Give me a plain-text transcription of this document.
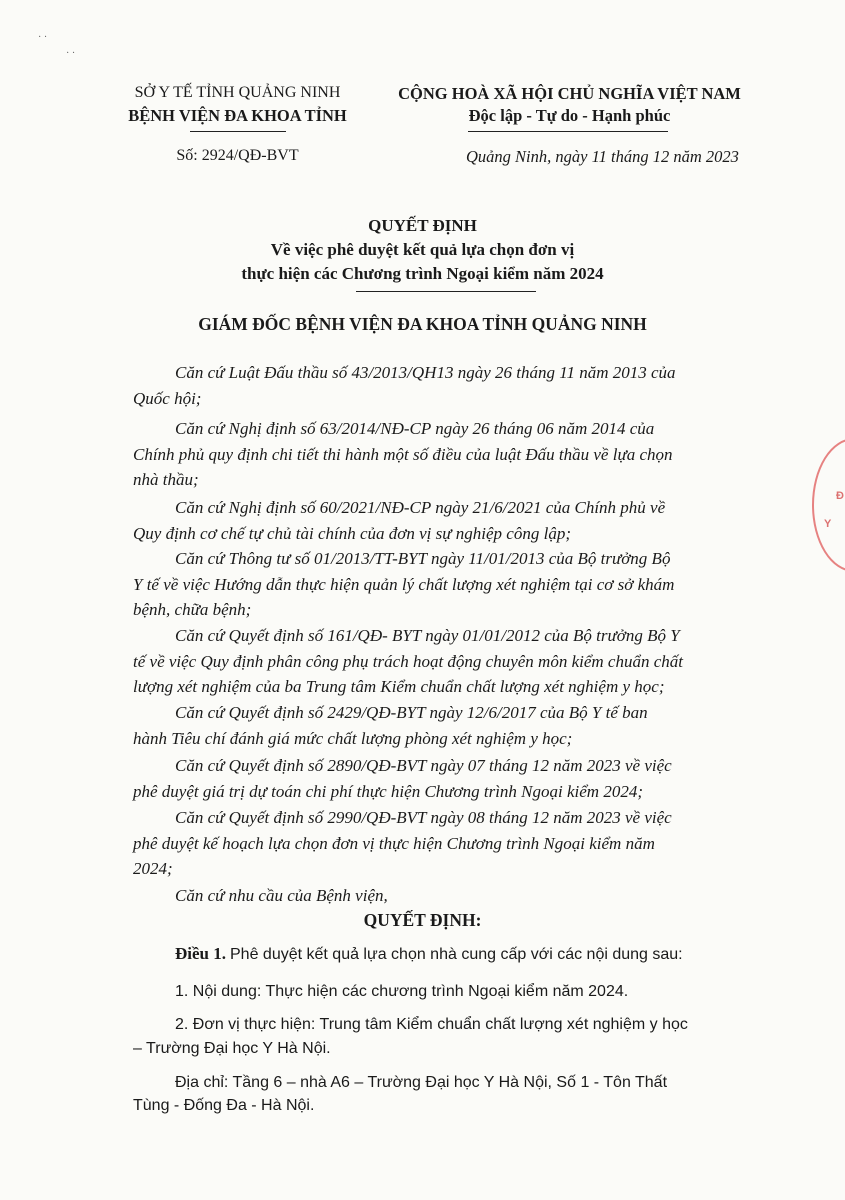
· ·
· ·
SỞ Y TẾ TỈNH QUẢNG NINH
BỆNH VIỆN ĐA KHOA TỈNH
CỘNG HOÀ XÃ HỘI CHỦ NGHĨA VIỆT NAM
Độc lập - Tự do - Hạnh phúc
Số: 2924/QĐ-BVT	Quảng Ninh, ngày 11 tháng 12 năm 2023
QUYẾT ĐỊNH
Về việc phê duyệt kết quả lựa chọn đơn vị
thực hiện các Chương trình Ngoại kiểm năm 2024
GIÁM ĐỐC BỆNH VIỆN ĐA KHOA TỈNH QUẢNG NINH
Căn cứ Luật Đấu thầu số 43/2013/QH13 ngày 26 tháng 11 năm 2013 của
Quốc hội;
Căn cứ Nghị định số 63/2014/NĐ-CP ngày 26 tháng 06 năm 2014 của
Chính phủ quy định chi tiết thi hành một số điều của luật Đấu thầu về lựa chọn
nhà thầu;
Căn cứ Nghị định số 60/2021/NĐ-CP ngày 21/6/2021 của Chính phủ về
Quy định cơ chế tự chủ tài chính của đơn vị sự nghiệp công lập;
Căn cứ Thông tư số 01/2013/TT-BYT ngày 11/01/2013 của Bộ trưởng Bộ
Y tế về việc Hướng dẫn thực hiện quản lý chất lượng xét nghiệm tại cơ sở khám
bệnh, chữa bệnh;
Căn cứ Quyết định số 161/QĐ- BYT ngày 01/01/2012 của Bộ trưởng Bộ Y
tế về việc Quy định phân công phụ trách hoạt động chuyên môn kiểm chuẩn chất
lượng xét nghiệm của ba Trung tâm Kiểm chuẩn chất lượng xét nghiệm y học;
Căn cứ Quyết định số 2429/QĐ-BYT ngày 12/6/2017 của Bộ Y tế ban
hành Tiêu chí đánh giá mức chất lượng phòng xét nghiệm y học;
Căn cứ Quyết định số 2890/QĐ-BVT ngày 07 tháng 12 năm 2023 về việc
phê duyệt giá trị dự toán chi phí thực hiện Chương trình Ngoại kiểm 2024;
Căn cứ Quyết định số 2990/QĐ-BVT ngày 08 tháng 12 năm 2023 về việc
phê duyệt kế hoạch lựa chọn đơn vị thực hiện Chương trình Ngoại kiểm năm
2024;
Căn cứ nhu cầu của Bệnh viện,
QUYẾT ĐỊNH:
Điều 1. Phê duyệt kết quả lựa chọn nhà cung cấp với các nội dung sau:
1. Nội dung: Thực hiện các chương trình Ngoại kiểm năm 2024.
2. Đơn vị thực hiện: Trung tâm Kiểm chuẩn chất lượng xét nghiệm y học
– Trường Đại học Y Hà Nội.
Địa chỉ: Tầng 6 – nhà A6 – Trường Đại học Y Hà Nội, Số 1 - Tôn Thất
Tùng - Đống Đa - Hà Nội.
Đ
Y
